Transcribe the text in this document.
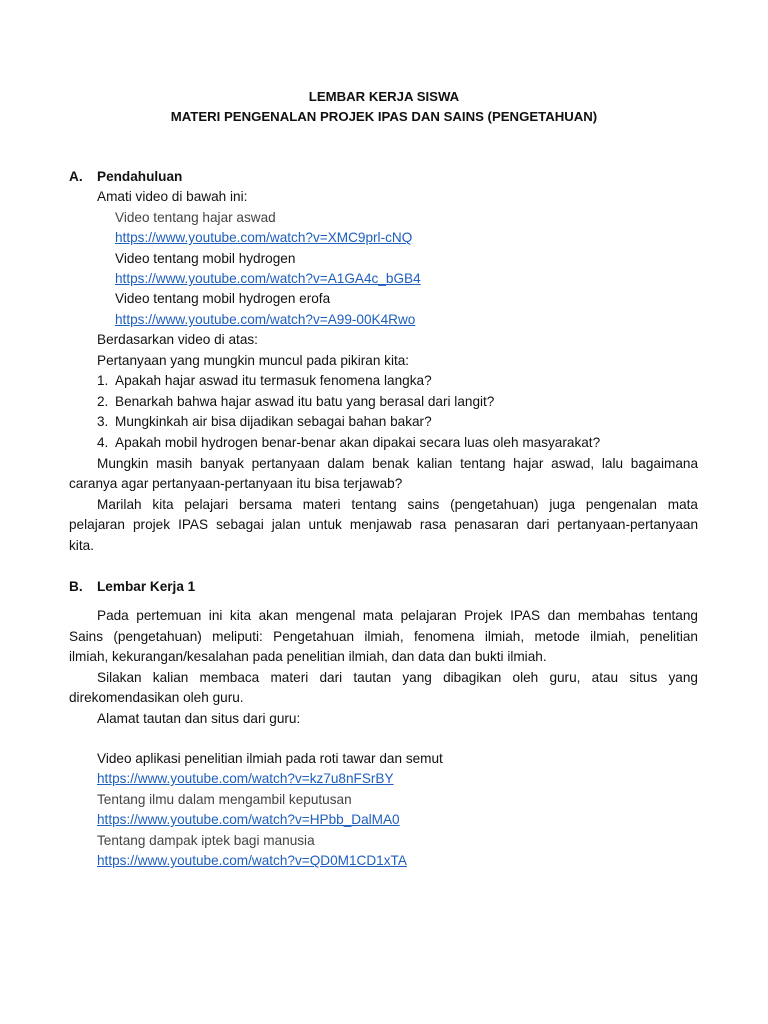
LEMBAR KERJA SISWA
MATERI PENGENALAN PROJEK IPAS DAN SAINS (PENGETAHUAN)
A. Pendahuluan
Amati video di bawah ini:
Video tentang hajar aswad
https://www.youtube.com/watch?v=XMC9prl-cNQ
Video tentang mobil hydrogen
https://www.youtube.com/watch?v=A1GA4c_bGB4
Video tentang mobil hydrogen erofa
https://www.youtube.com/watch?v=A99-00K4Rwo
Berdasarkan video di atas:
Pertanyaan yang mungkin muncul pada pikiran kita:
1. Apakah hajar aswad itu termasuk fenomena langka?
2. Benarkah bahwa hajar aswad itu batu yang berasal dari langit?
3. Mungkinkah air bisa dijadikan sebagai bahan bakar?
4. Apakah mobil hydrogen benar-benar akan dipakai secara luas oleh masyarakat?
Mungkin masih banyak pertanyaan dalam benak kalian tentang hajar aswad, lalu bagaimana
caranya agar pertanyaan-pertanyaan itu bisa terjawab?
Marilah kita pelajari bersama materi tentang sains (pengetahuan) juga pengenalan mata
pelajaran projek IPAS sebagai jalan untuk menjawab rasa penasaran dari pertanyaan-pertanyaan
kita.
B. Lembar Kerja 1
Pada pertemuan ini kita akan mengenal mata pelajaran Projek IPAS dan membahas tentang
Sains (pengetahuan) meliputi: Pengetahuan ilmiah, fenomena ilmiah, metode ilmiah, penelitian
ilmiah, kekurangan/kesalahan pada penelitian ilmiah, dan data dan bukti ilmiah.
Silakan kalian membaca materi dari tautan yang dibagikan oleh guru, atau situs yang
direkomendasikan oleh guru.
Alamat tautan dan situs dari guru:
Video aplikasi penelitian ilmiah pada roti tawar dan semut
https://www.youtube.com/watch?v=kz7u8nFSrBY
Tentang ilmu dalam mengambil keputusan
https://www.youtube.com/watch?v=HPbb_DalMA0
Tentang dampak iptek bagi manusia
https://www.youtube.com/watch?v=QD0M1CD1xTA
